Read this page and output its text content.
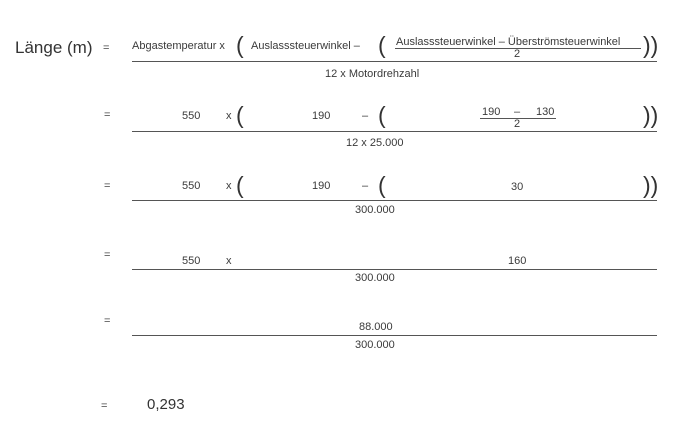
Länge (m) = Abgastemperatur x ( Auslasssteuerwinkel – ( Auslasssteuerwinkel – Überströmsteuerwinkel
2	))
12 x Motordrehzahl
=	550 x (	190	– (	190 – 130
2	))
12 x 25.000
=	550 x (	190	– (	30	))
300.000
=	550 x	160
300.000
=	88.000
300.000
=	0,293
